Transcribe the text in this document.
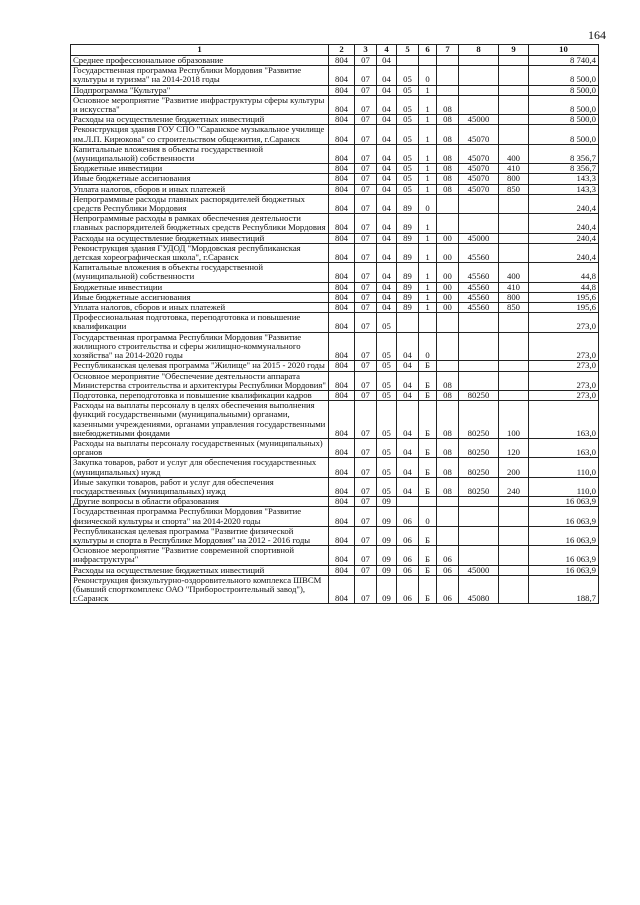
164
1	2	3	4	5	6	7	8	9	10
Среднее профессиональное образование	804	07	04						8 740,4
Государственная программа Республики Мордовия "Развитие культуры и туризма" на 2014-2018 годы	804	07	04	05	0				8 500,0
Подпрограмма "Культура"	804	07	04	05	1				8 500,0
Основное мероприятие "Развитие инфраструктуры сферы культуры и искусства"	804	07	04	05	1	08			8 500,0
Расходы на осуществление бюджетных инвестиций	804	07	04	05	1	08	45000		8 500,0
Реконструкция здания ГОУ СПО "Саранское музыкальное училище им.Л.П. Кирюкова" со строительством общежития, г.Саранск	804	07	04	05	1	08	45070		8 500,0
Капитальные вложения в объекты государственной (муниципальной) собственности	804	07	04	05	1	08	45070	400	8 356,7
Бюджетные инвестиции	804	07	04	05	1	08	45070	410	8 356,7
Иные бюджетные ассигнования	804	07	04	05	1	08	45070	800	143,3
Уплата налогов, сборов и иных платежей	804	07	04	05	1	08	45070	850	143,3
Непрограммные расходы главных распорядителей бюджетных средств Республики Мордовия	804	07	04	89	0				240,4
Непрограммные расходы в рамках обеспечения деятельности главных распорядителей бюджетных средств Республики Мордовия	804	07	04	89	1				240,4
Расходы на осуществление бюджетных инвестиций	804	07	04	89	1	00	45000		240,4
Реконструкция здания ГУДОД "Мордовская республиканская детская хореографическая школа", г.Саранск	804	07	04	89	1	00	45560		240,4
Капитальные вложения в объекты государственной (муниципальной) собственности	804	07	04	89	1	00	45560	400	44,8
Бюджетные инвестиции	804	07	04	89	1	00	45560	410	44,8
Иные бюджетные ассигнования	804	07	04	89	1	00	45560	800	195,6
Уплата налогов, сборов и иных платежей	804	07	04	89	1	00	45560	850	195,6
Профессиональная подготовка, переподготовка и повышение квалификации	804	07	05						273,0
Государственная программа Республики Мордовия "Развитие жилищного строительства и сферы жилищно-коммунального хозяйства" на 2014-2020 годы	804	07	05	04	0				273,0
Республиканская целевая программа "Жилище" на 2015 - 2020 годы	804	07	05	04	Б				273,0
Основное мероприятие "Обеспечение деятельности аппарата Министерства строительства и архитектуры Республики Мордовия"	804	07	05	04	Б	08			273,0
Подготовка, переподготовка и повышение квалификации кадров	804	07	05	04	Б	08	80250		273,0
Расходы на выплаты персоналу в целях обеспечения выполнения функций государственными (муниципальными) органами, казенными учреждениями, органами управления государственными внебюджетными фондами	804	07	05	04	Б	08	80250	100	163,0
Расходы на выплаты персоналу государственных (муниципальных) органов	804	07	05	04	Б	08	80250	120	163,0
Закупка товаров, работ и услуг для обеспечения государственных (муниципальных) нужд	804	07	05	04	Б	08	80250	200	110,0
Иные закупки товаров, работ и услуг для обеспечения государственных (муниципальных) нужд	804	07	05	04	Б	08	80250	240	110,0
Другие вопросы в области образования	804	07	09						16 063,9
Государственная программа Республики Мордовия "Развитие физической культуры и спорта" на 2014-2020 годы	804	07	09	06	0				16 063,9
Республиканская целевая программа "Развитие физической культуры и спорта в Республике Мордовия" на 2012 - 2016 годы	804	07	09	06	Б				16 063,9
Основное мероприятие "Развитие современной спортивной инфраструктуры"	804	07	09	06	Б	06			16 063,9
Расходы на осуществление бюджетных инвестиций	804	07	09	06	Б	06	45000		16 063,9
Реконструкция физкультурно-оздоровительного комплекса ШВСМ (бывший спорткомплекс ОАО "Приборостроительный завод"), г.Саранск	804	07	09	06	Б	06	45080		188,7
